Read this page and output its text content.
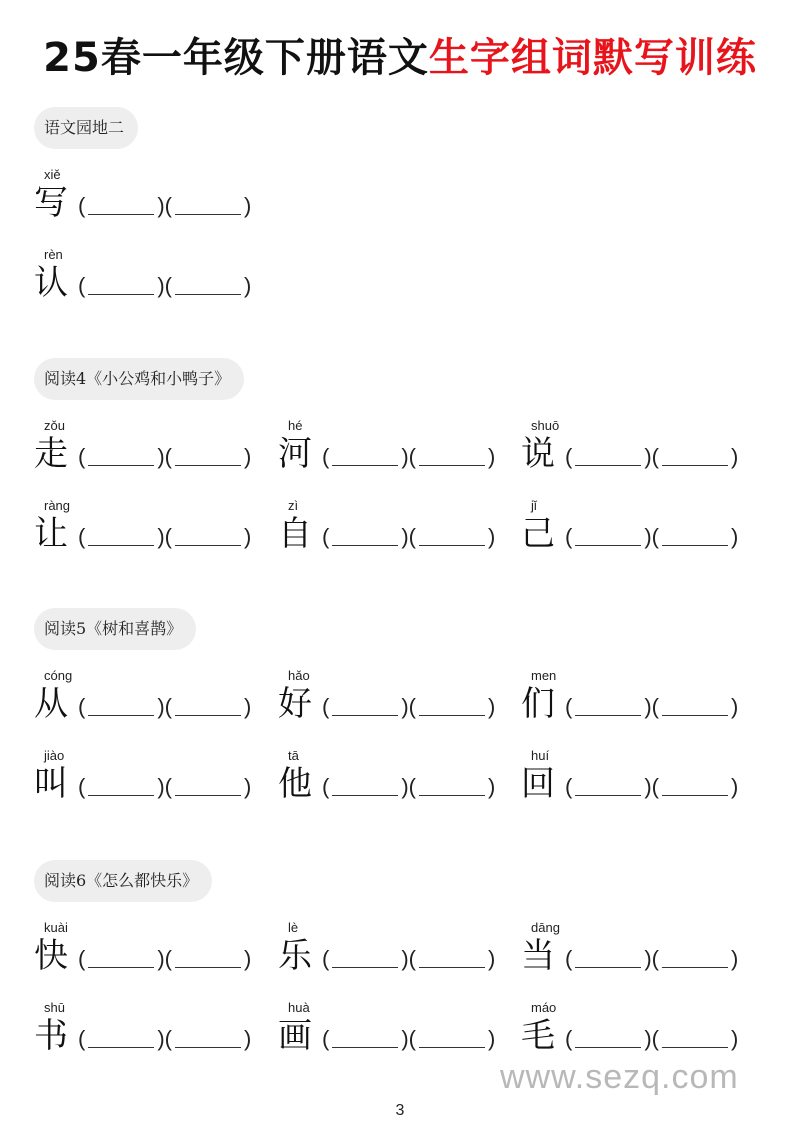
25春一年级下册语文生字组词默写训练
语文园地二
xiě
写 (	)(	)
rèn
认 (	)(	)
阅读4《小公鸡和小鸭子》
zǒu
走 (	)(	)
hé
河 (	)(	)
shuō
说 (	)(	)
ràng
让 (	)(	)
zì
自 (	)(	)
jǐ
己 (	)(	)
阅读5《树和喜鹊》
cóng
从 (	)(	)
hǎo
好 (	)(	)
men
们 (	)(	)
jiào
叫 (	)(	)
tā
他 (	)(	)
huí
回 (	)(	)
阅读6《怎么都快乐》
kuài
快 (	)(	)
lè
乐 (	)(	)
dāng
当 (	)(	)
shū
书 (	)(	)
huà
画 (	)(	)
máo
毛 (	)(	)
www.sezq.com
3
